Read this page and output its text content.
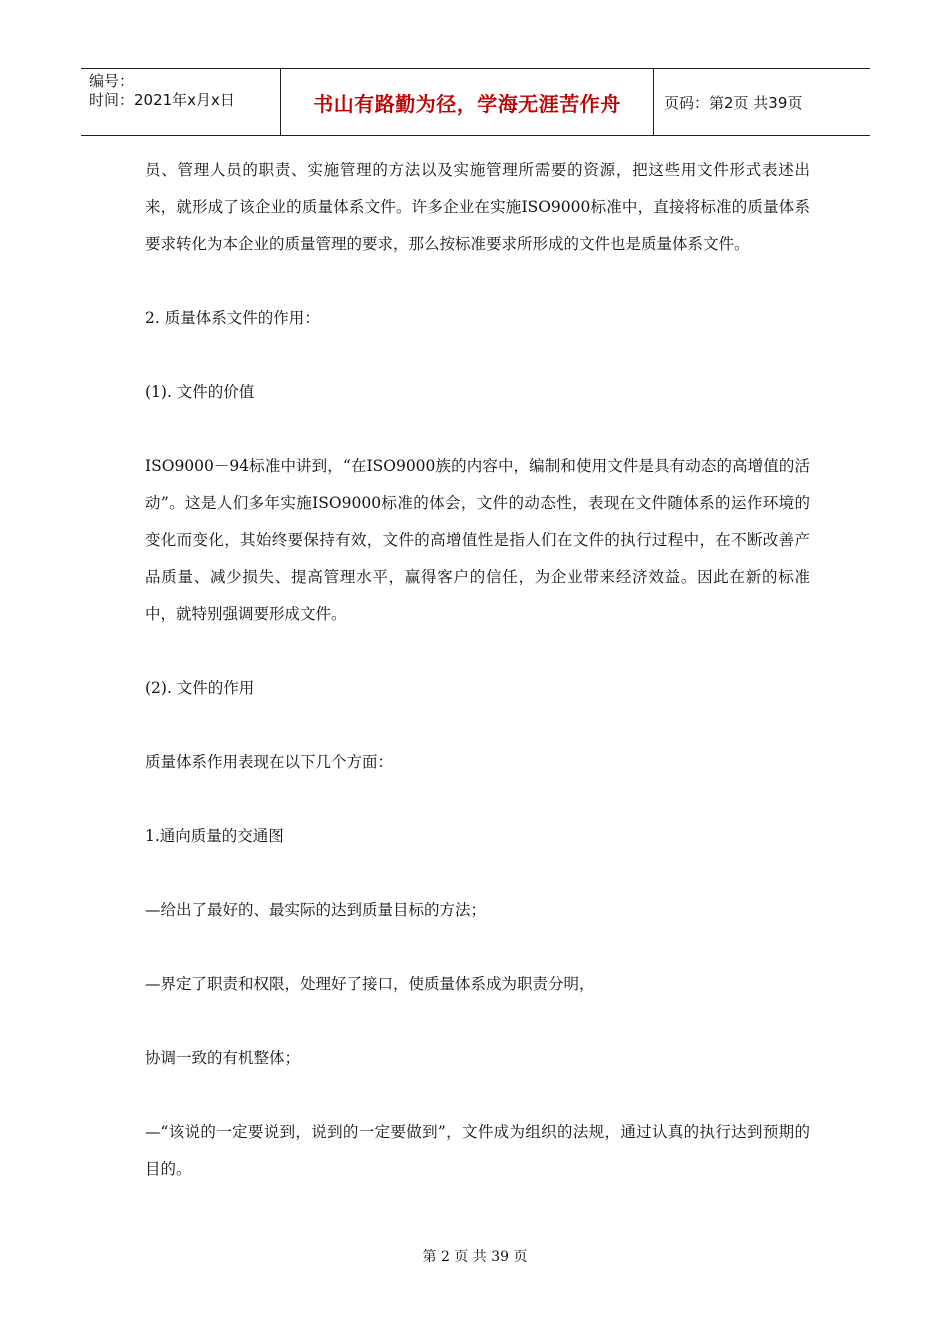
编号：
时间：2021年x月x日	书山有路勤为径，学海无涯苦作舟	页码：第2页 共39页

员、管理人员的职责、实施管理的方法以及实施管理所需要的资源，把这些用文件形式表述出来，就形成了该企业的质量体系文件。许多企业在实施ISO9000标准中，直接将标准的质量体系要求转化为本企业的质量管理的要求，那么按标准要求所形成的文件也是质量体系文件。

2. 质量体系文件的作用：

(1). 文件的价值

ISO9000－94标准中讲到，“在ISO9000族的内容中，编制和使用文件是具有动态的高增值的活动”。这是人们多年实施ISO9000标准的体会，文件的动态性，表现在文件随体系的运作环境的变化而变化，其始终要保持有效，文件的高增值性是指人们在文件的执行过程中，在不断改善产品质量、减少损失、提高管理水平，赢得客户的信任，为企业带来经济效益。因此在新的标准中，就特别强调要形成文件。

(2). 文件的作用

质量体系作用表现在以下几个方面：

1.通向质量的交通图

—给出了最好的、最实际的达到质量目标的方法；

—界定了职责和权限，处理好了接口，使质量体系成为职责分明，

协调一致的有机整体；

—“该说的一定要说到，说到的一定要做到”，文件成为组织的法规，通过认真的执行达到预期的目的。

第 2 页 共 39 页
